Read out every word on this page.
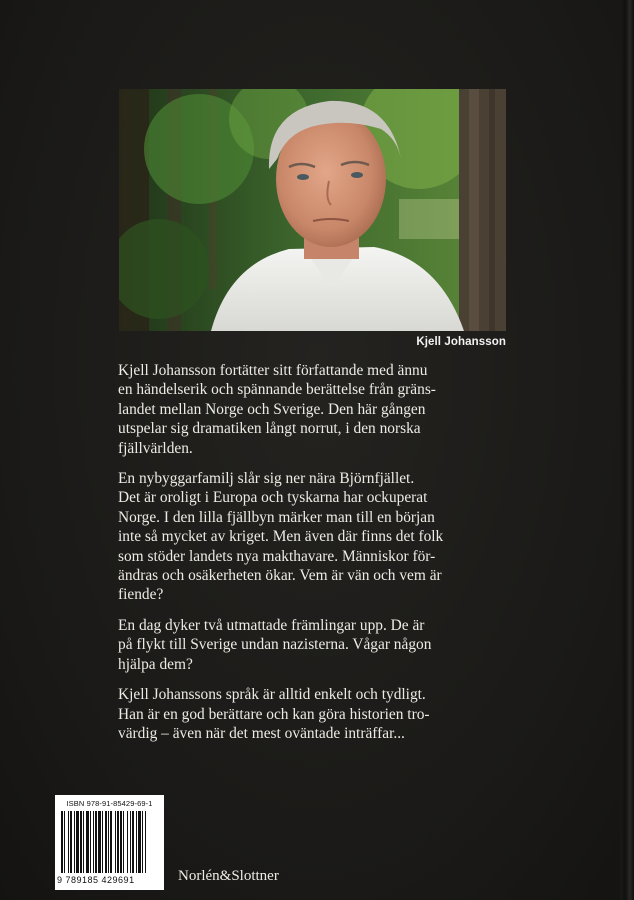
Kjell Johansson

Kjell Johansson fortätter sitt författande med ännu
en händelserik och spännande berättelse från gräns-
landet mellan Norge och Sverige. Den här gången
utspelar sig dramatiken långt norrut, i den norska
fjällvärlden.

En nybyggarfamilj slår sig ner nära Björnfjället.
Det är oroligt i Europa och tyskarna har ockuperat
Norge. I den lilla fjällbyn märker man till en början
inte så mycket av kriget. Men även där finns det folk
som stöder landets nya makthavare. Människor för-
ändras och osäkerheten ökar. Vem är vän och vem är
fiende?

En dag dyker två utmattade främlingar upp. De är
på flykt till Sverige undan nazisterna. Vågar någon
hjälpa dem?

Kjell Johanssons språk är alltid enkelt och tydligt.
Han är en god berättare och kan göra historien tro-
värdig – även när det mest oväntade inträffar...

ISBN 978-91-85429-69-1
9 789185 429691	Norlén&Slottner
